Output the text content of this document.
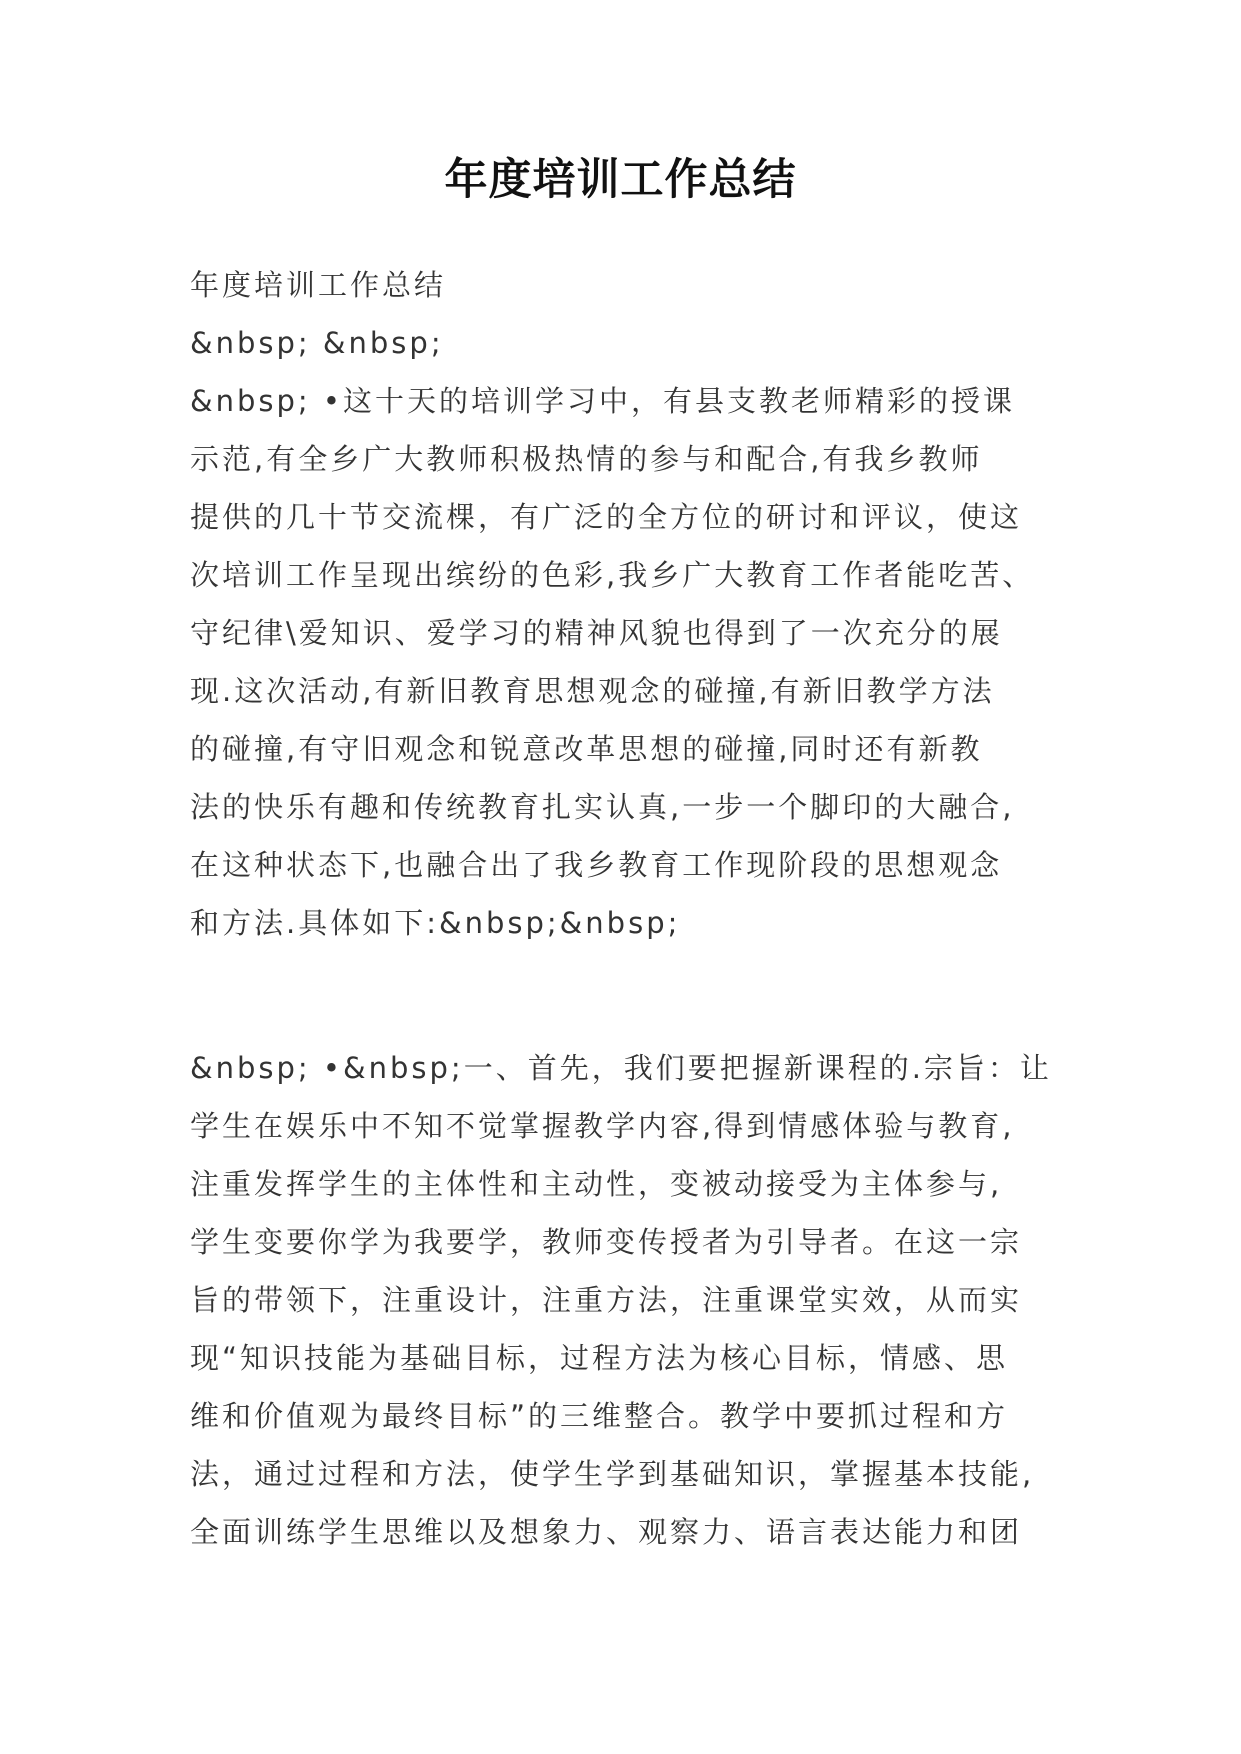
年度培训工作总结
年度培训工作总结
&nbsp; &nbsp;
&nbsp; •这十天的培训学习中，有县支教老师精彩的授课
示范,有全乡广大教师积极热情的参与和配合,有我乡教师
提供的几十节交流棵，有广泛的全方位的研讨和评议，使这
次培训工作呈现出缤纷的色彩,我乡广大教育工作者能吃苦、
守纪律\爱知识、爱学习的精神风貌也得到了一次充分的展
现.这次活动,有新旧教育思想观念的碰撞,有新旧教学方法
的碰撞,有守旧观念和锐意改革思想的碰撞,同时还有新教
法的快乐有趣和传统教育扎实认真,一步一个脚印的大融合,
在这种状态下,也融合出了我乡教育工作现阶段的思想观念
和方法.具体如下:&nbsp;&nbsp;
&nbsp; •&nbsp;一、首先，我们要把握新课程的.宗旨：让
学生在娱乐中不知不觉掌握教学内容,得到情感体验与教育,
注重发挥学生的主体性和主动性，变被动接受为主体参与,
学生变要你学为我要学，教师变传授者为引导者。在这一宗
旨的带领下，注重设计，注重方法，注重课堂实效，从而实
现“知识技能为基础目标，过程方法为核心目标，情感、思
维和价值观为最终目标”的三维整合。教学中要抓过程和方
法，通过过程和方法，使学生学到基础知识，掌握基本技能,
全面训练学生思维以及想象力、观察力、语言表达能力和团
